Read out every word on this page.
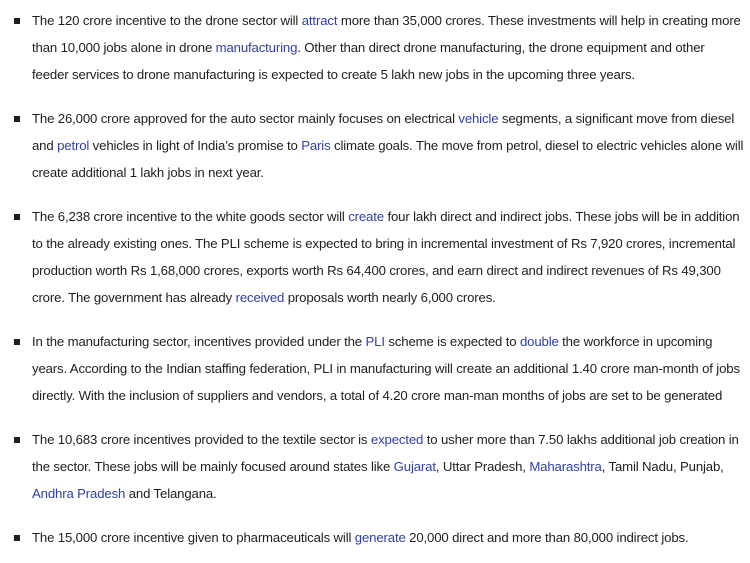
The 120 crore incentive to the drone sector will attract more than 35,000 crores. These investments will help in creating more than 10,000 jobs alone in drone manufacturing. Other than direct drone manufacturing, the drone equipment and other feeder services to drone manufacturing is expected to create 5 lakh new jobs in the upcoming three years.
The 26,000 crore approved for the auto sector mainly focuses on electrical vehicle segments, a significant move from diesel and petrol vehicles in light of India’s promise to Paris climate goals. The move from petrol, diesel to electric vehicles alone will create additional 1 lakh jobs in next year.
The 6,238 crore incentive to the white goods sector will create four lakh direct and indirect jobs. These jobs will be in addition to the already existing ones. The PLI scheme is expected to bring in incremental investment of Rs 7,920 crores, incremental production worth Rs 1,68,000 crores, exports worth Rs 64,400 crores, and earn direct and indirect revenues of Rs 49,300 crore. The government has already received proposals worth nearly 6,000 crores.
In the manufacturing sector, incentives provided under the PLI scheme is expected to double the workforce in upcoming years. According to the Indian staffing federation, PLI in manufacturing will create an additional 1.40 crore man-month of jobs directly. With the inclusion of suppliers and vendors, a total of 4.20 crore man-man months of jobs are set to be generated
The 10,683 crore incentives provided to the textile sector is expected to usher more than 7.50 lakhs additional job creation in the sector. These jobs will be mainly focused around states like Gujarat, Uttar Pradesh, Maharashtra, Tamil Nadu, Punjab, Andhra Pradesh and Telangana.
The 15,000 crore incentive given to pharmaceuticals will generate 20,000 direct and more than 80,000 indirect jobs.
